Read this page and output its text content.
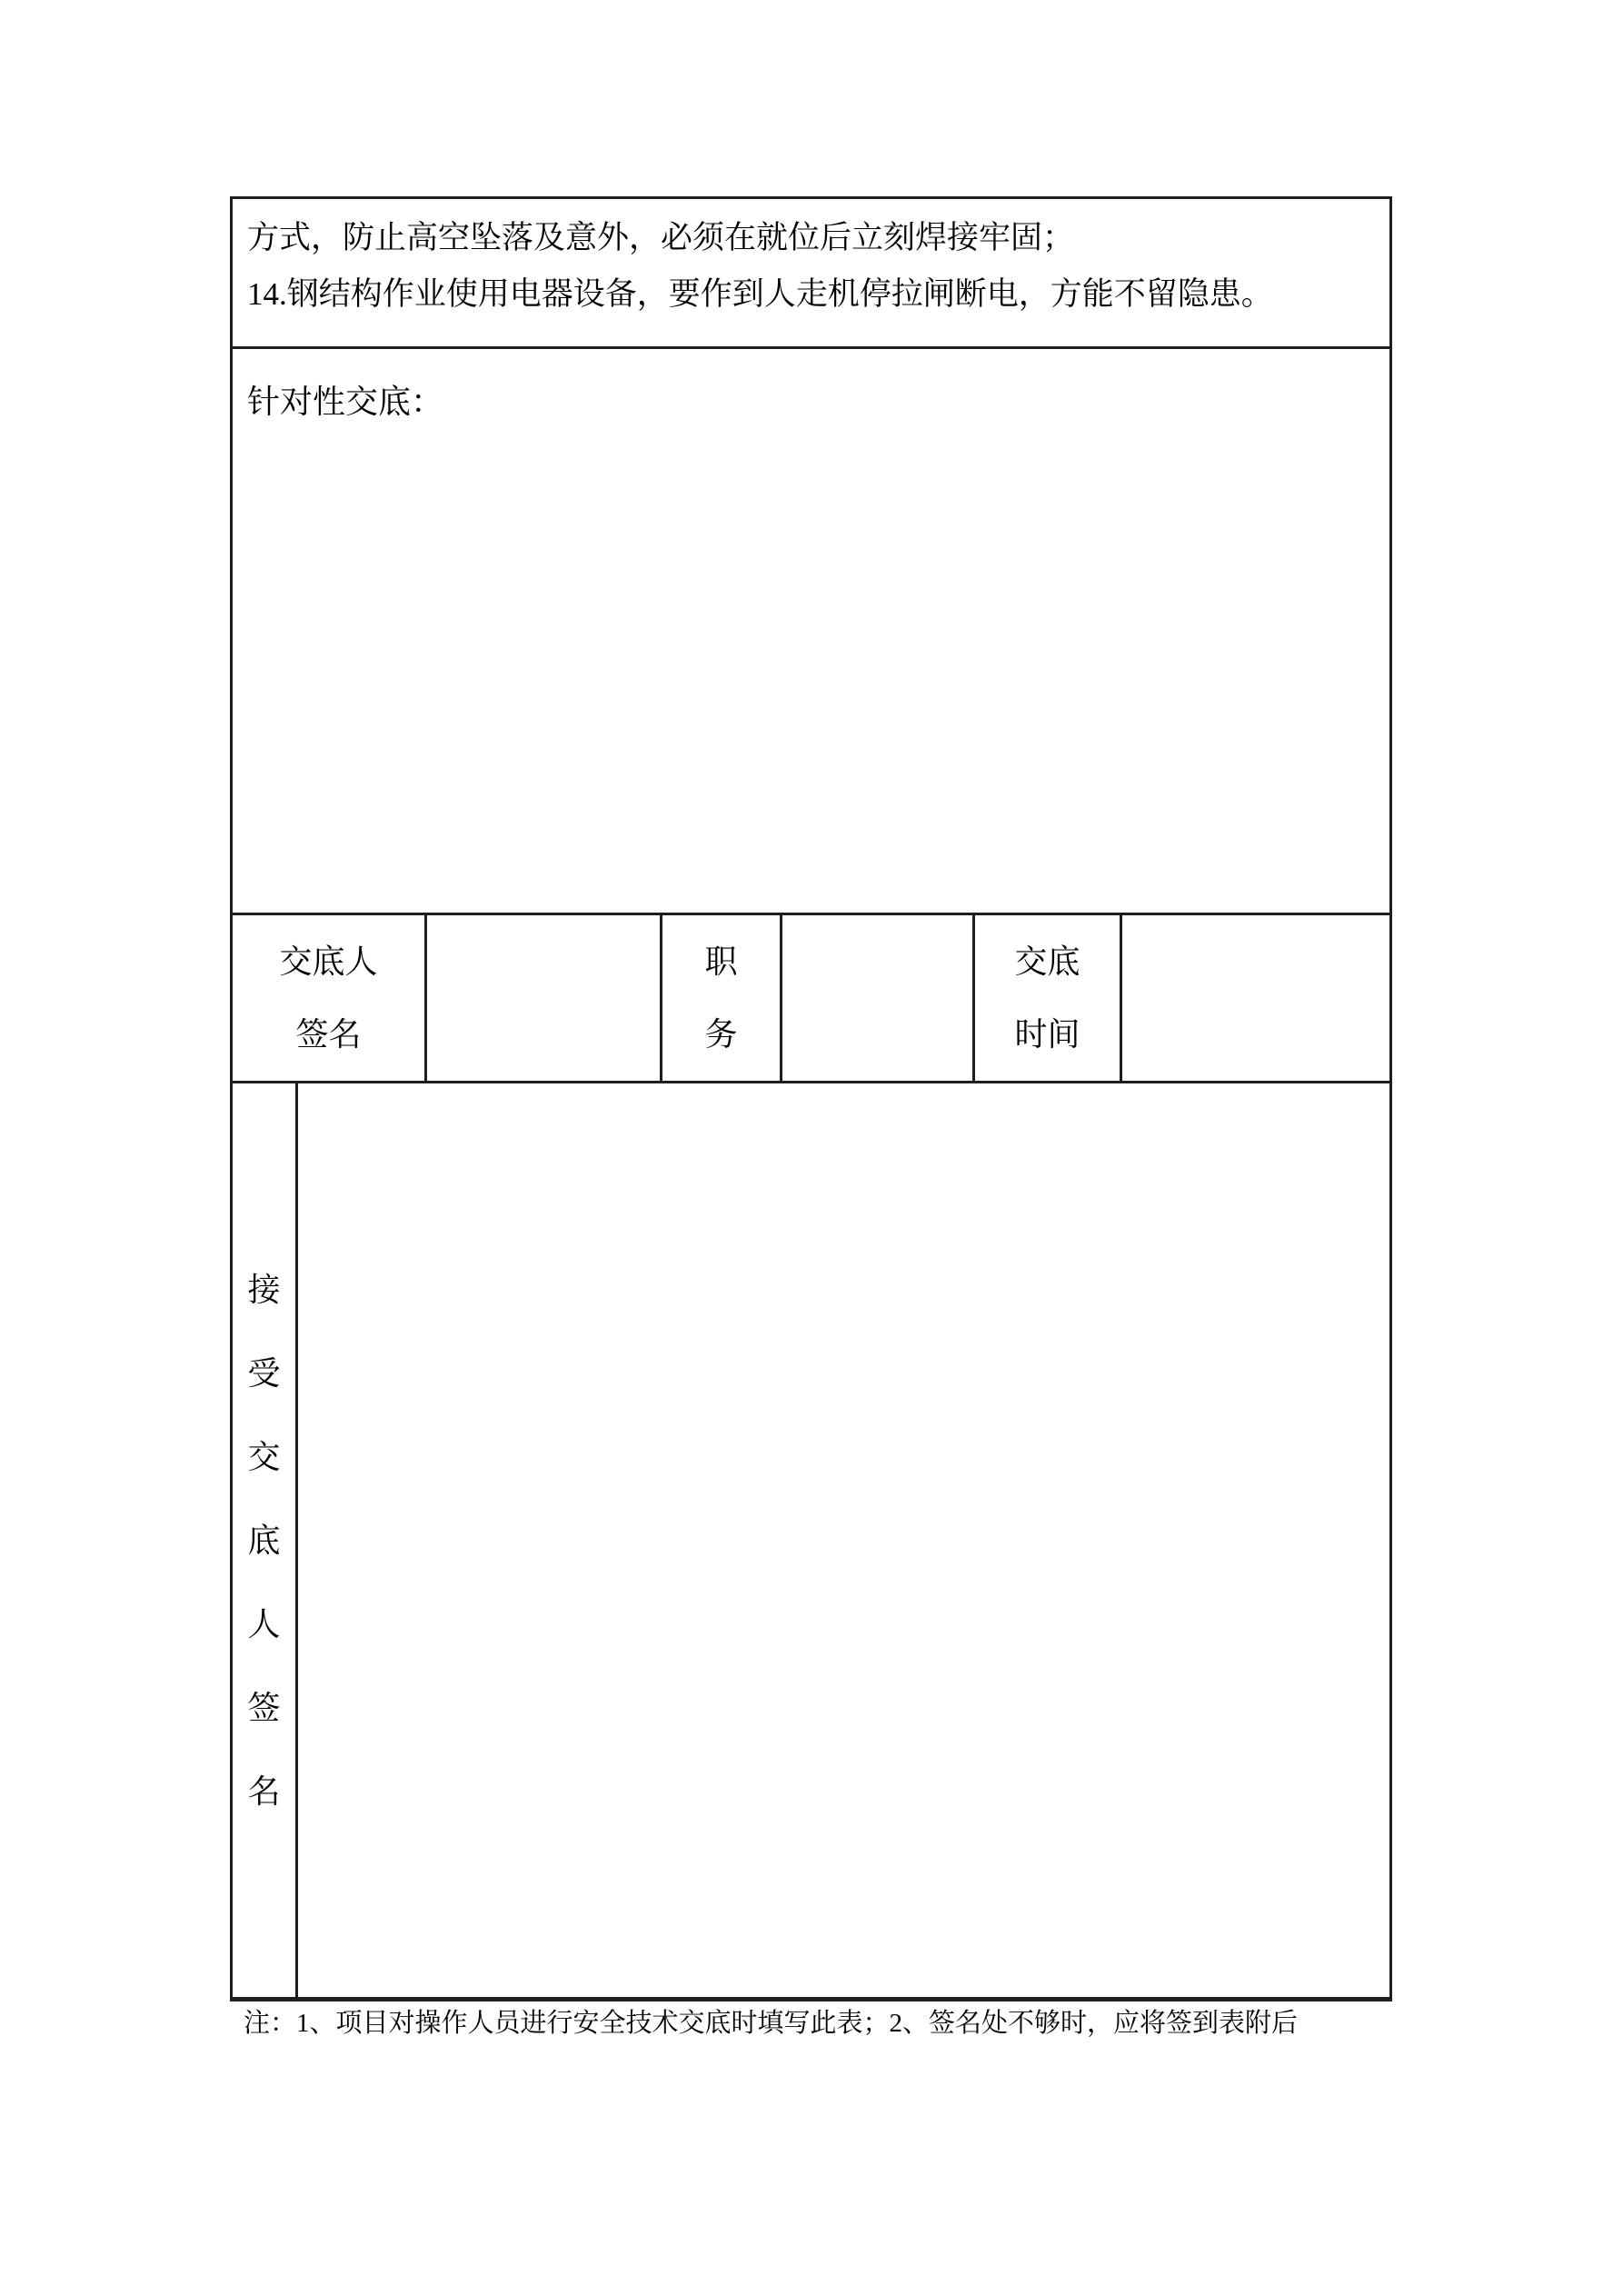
方式，防止高空坠落及意外，必须在就位后立刻焊接牢固；
14.钢结构作业使用电器设备，要作到人走机停拉闸断电，方能不留隐患。
针对性交底：
交底人
签名
职
务
交底
时间
接
受
交
底
人
签
名
注：1、项目对操作人员进行安全技术交底时填写此表；2、签名处不够时，应将签到表附后
